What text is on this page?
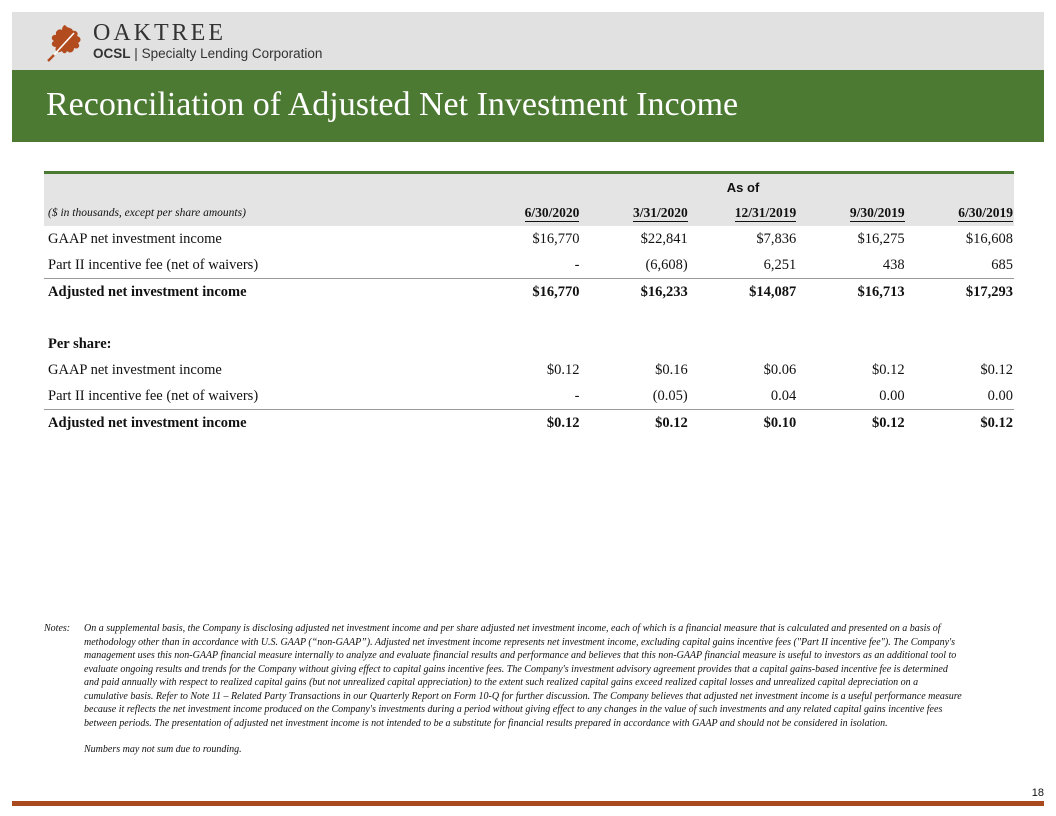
OAKTREE
OCSL | Specialty Lending Corporation
Reconciliation of Adjusted Net Investment Income
	As of				
($ in thousands, except per share amounts)	6/30/2020	3/31/2020	12/31/2019	9/30/2019	6/30/2019
GAAP net investment income	$16,770	$22,841	$7,836	$16,275	$16,608
Part II incentive fee (net of waivers)	-	(6,608)	6,251	438	685
Adjusted net investment income	$16,770	$16,233	$14,087	$16,713	$17,293

Per share:					
GAAP net investment income	$0.12	$0.16	$0.06	$0.12	$0.12
Part II incentive fee (net of waivers)	-	(0.05)	0.04	0.00	0.00
Adjusted net investment income	$0.12	$0.12	$0.10	$0.12	$0.12
Notes: On a supplemental basis, the Company is disclosing adjusted net investment income and per share adjusted net investment income, each of which is a financial measure that is calculated and presented on a basis of methodology other than in accordance with U.S. GAAP (“non-GAAP”). Adjusted net investment income represents net investment income, excluding capital gains incentive fees ("Part II incentive fee"). The Company's management uses this non-GAAP financial measure internally to analyze and evaluate financial results and performance and believes that this non-GAAP financial measure is useful to investors as an additional tool to evaluate ongoing results and trends for the Company without giving effect to capital gains incentive fees. The Company's investment advisory agreement provides that a capital gains-based incentive fee is determined and paid annually with respect to realized capital gains (but not unrealized capital appreciation) to the extent such realized capital gains exceed realized capital losses and unrealized capital depreciation on a cumulative basis. Refer to Note 11 – Related Party Transactions in our Quarterly Report on Form 10-Q for further discussion. The Company believes that adjusted net investment income is a useful performance measure because it reflects the net investment income produced on the Company's investments during a period without giving effect to any changes in the value of such investments and any related capital gains incentive fees between periods. The presentation of adjusted net investment income is not intended to be a substitute for financial results prepared in accordance with GAAP and should not be considered in isolation.
Numbers may not sum due to rounding.
18
